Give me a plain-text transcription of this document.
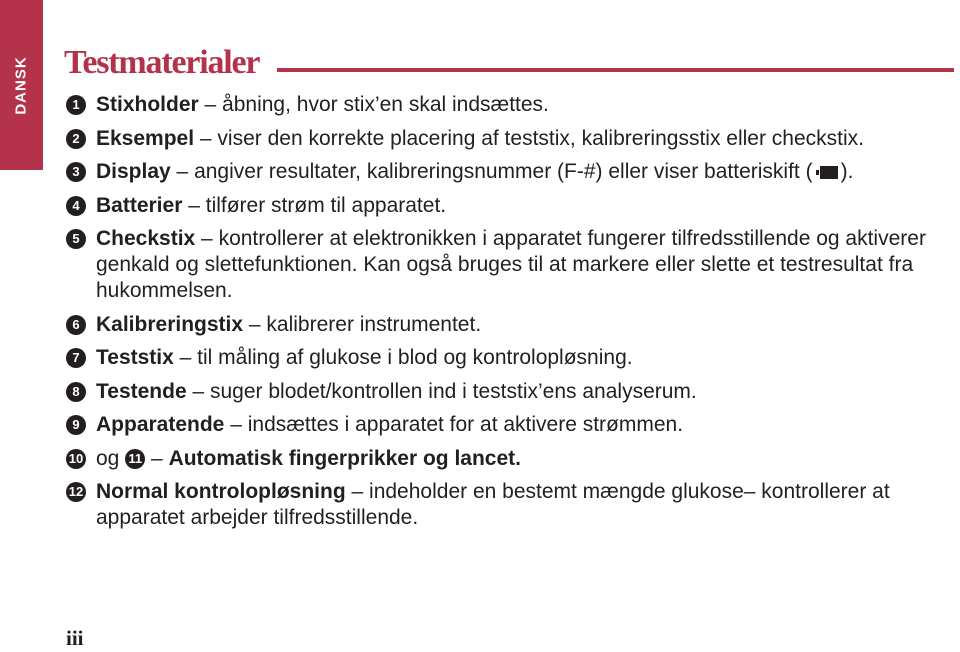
DANSK Testmaterialer
1 Stixholder – åbning, hvor stix’en skal indsættes.
2 Eksempel – viser den korrekte placering af teststix, kalibreringsstix eller checkstix.
3 Display – angiver resultater, kalibreringsnummer (F-#) eller viser batteriskift ( ).
4 Batterier – tilfører strøm til apparatet.
5 Checkstix – kontrollerer at elektronikken i apparatet fungerer tilfredsstillende og aktiverer genkald og slettefunktionen. Kan også bruges til at markere eller slette et testresultat fra hukommelsen.
6 Kalibreringstix – kalibrerer instrumentet.
7 Teststix – til måling af glukose i blod og kontrolopløsning.
8 Testende – suger blodet/kontrollen ind i teststix’ens analyserum.
9 Apparatende – indsættes i apparatet for at aktivere strømmen.
10 og 11 – Automatisk fingerprikker og lancet.
12 Normal kontrolopløsning – indeholder en bestemt mængde glukose– kontrollerer at apparatet arbejder tilfredsstillende.
iii
